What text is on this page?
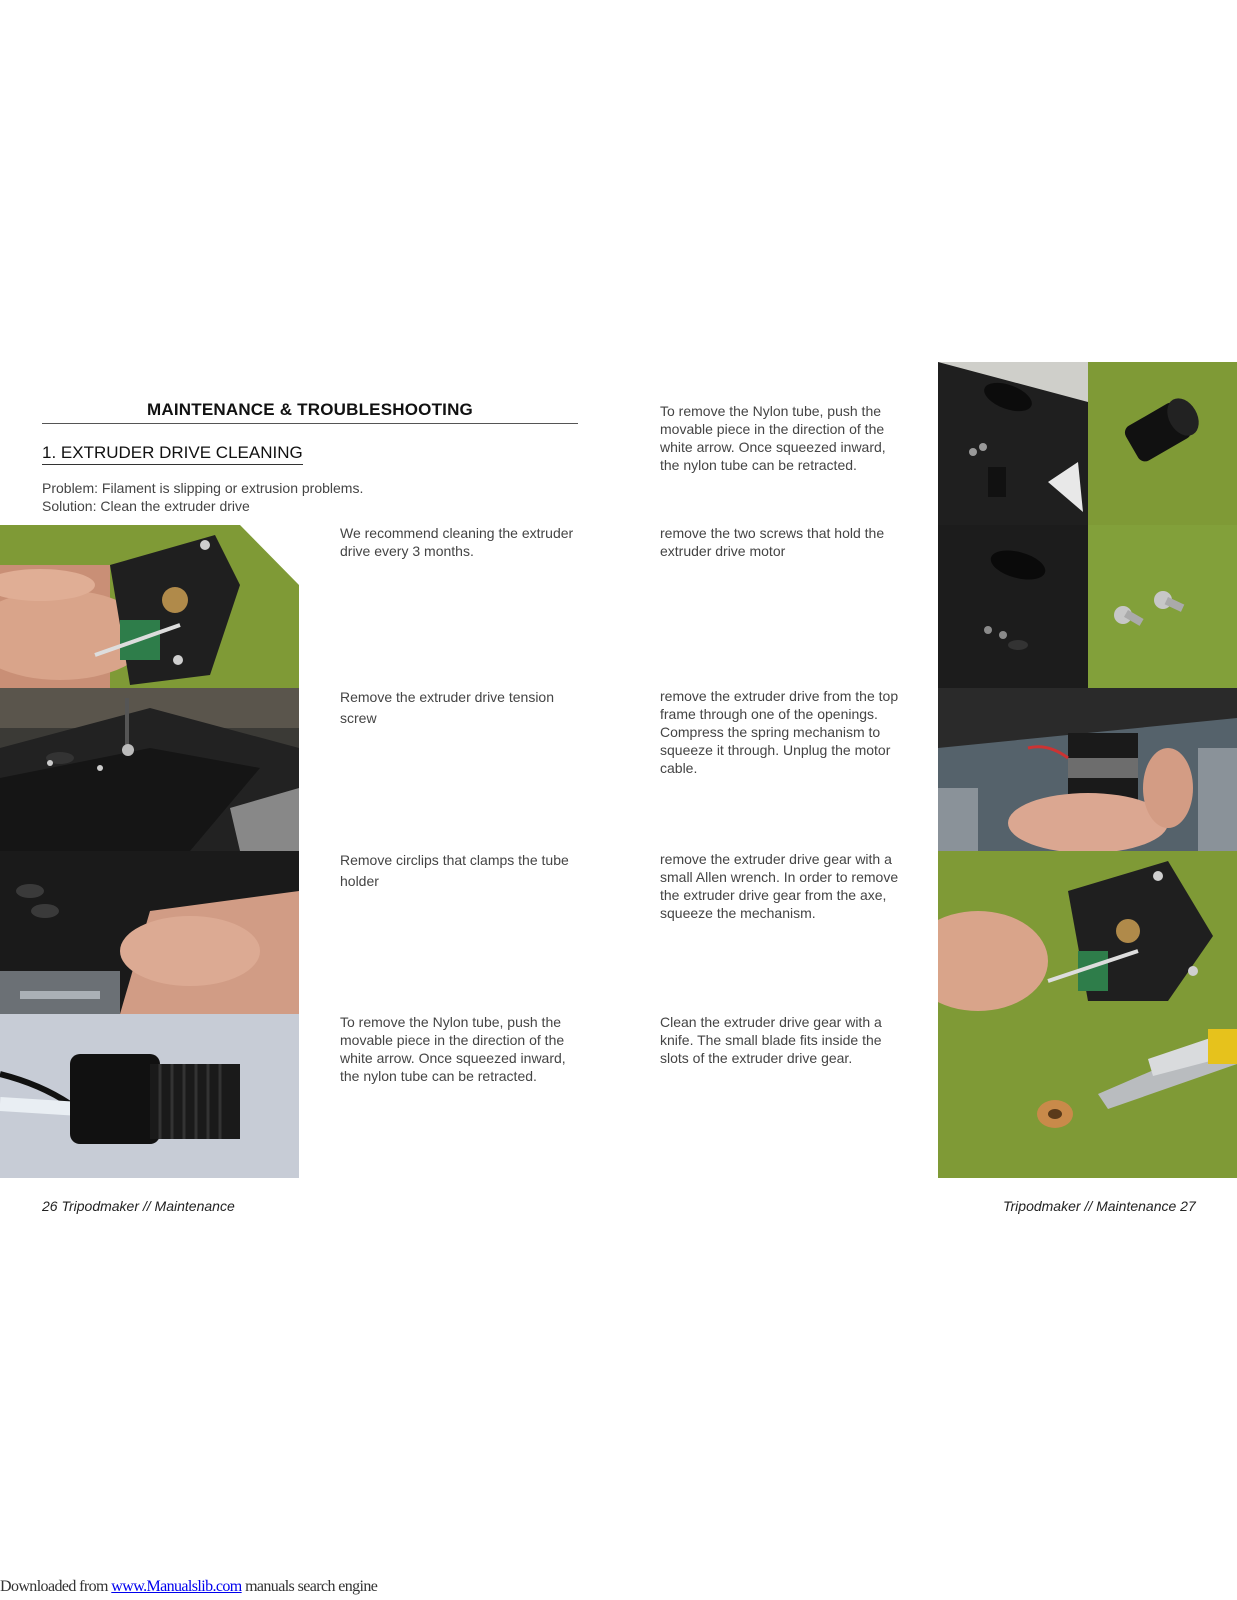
MAINTENANCE & TROUBLESHOOTING
1. EXTRUDER DRIVE CLEANING
Problem: Filament is slipping or extrusion problems.
Solution: Clean the extruder drive
We recommend cleaning the extruder drive every 3 months.
Remove the extruder drive tension screw
Remove circlips that clamps the tube holder
To remove the Nylon tube, push the movable piece in the direction of the white arrow. Once squeezed inward, the nylon tube can be retracted.
To remove the Nylon tube, push the movable piece in the direction of the white arrow. Once squeezed inward, the nylon tube can be retracted.
remove the two screws that hold the extruder drive motor
remove the extruder drive from the top frame through one of the openings. Compress the spring mechanism to squeeze it through. Unplug the motor cable.
remove the extruder drive gear with a small Allen wrench. In order to remove the extruder drive gear from the axe, squeeze the mechanism.
Clean the extruder drive gear with a knife. The small blade fits inside the slots of the extruder drive gear.
26 Tripodmaker // Maintenance	Tripodmaker // Maintenance 27
Downloaded from www.Manualslib.com manuals search engine
